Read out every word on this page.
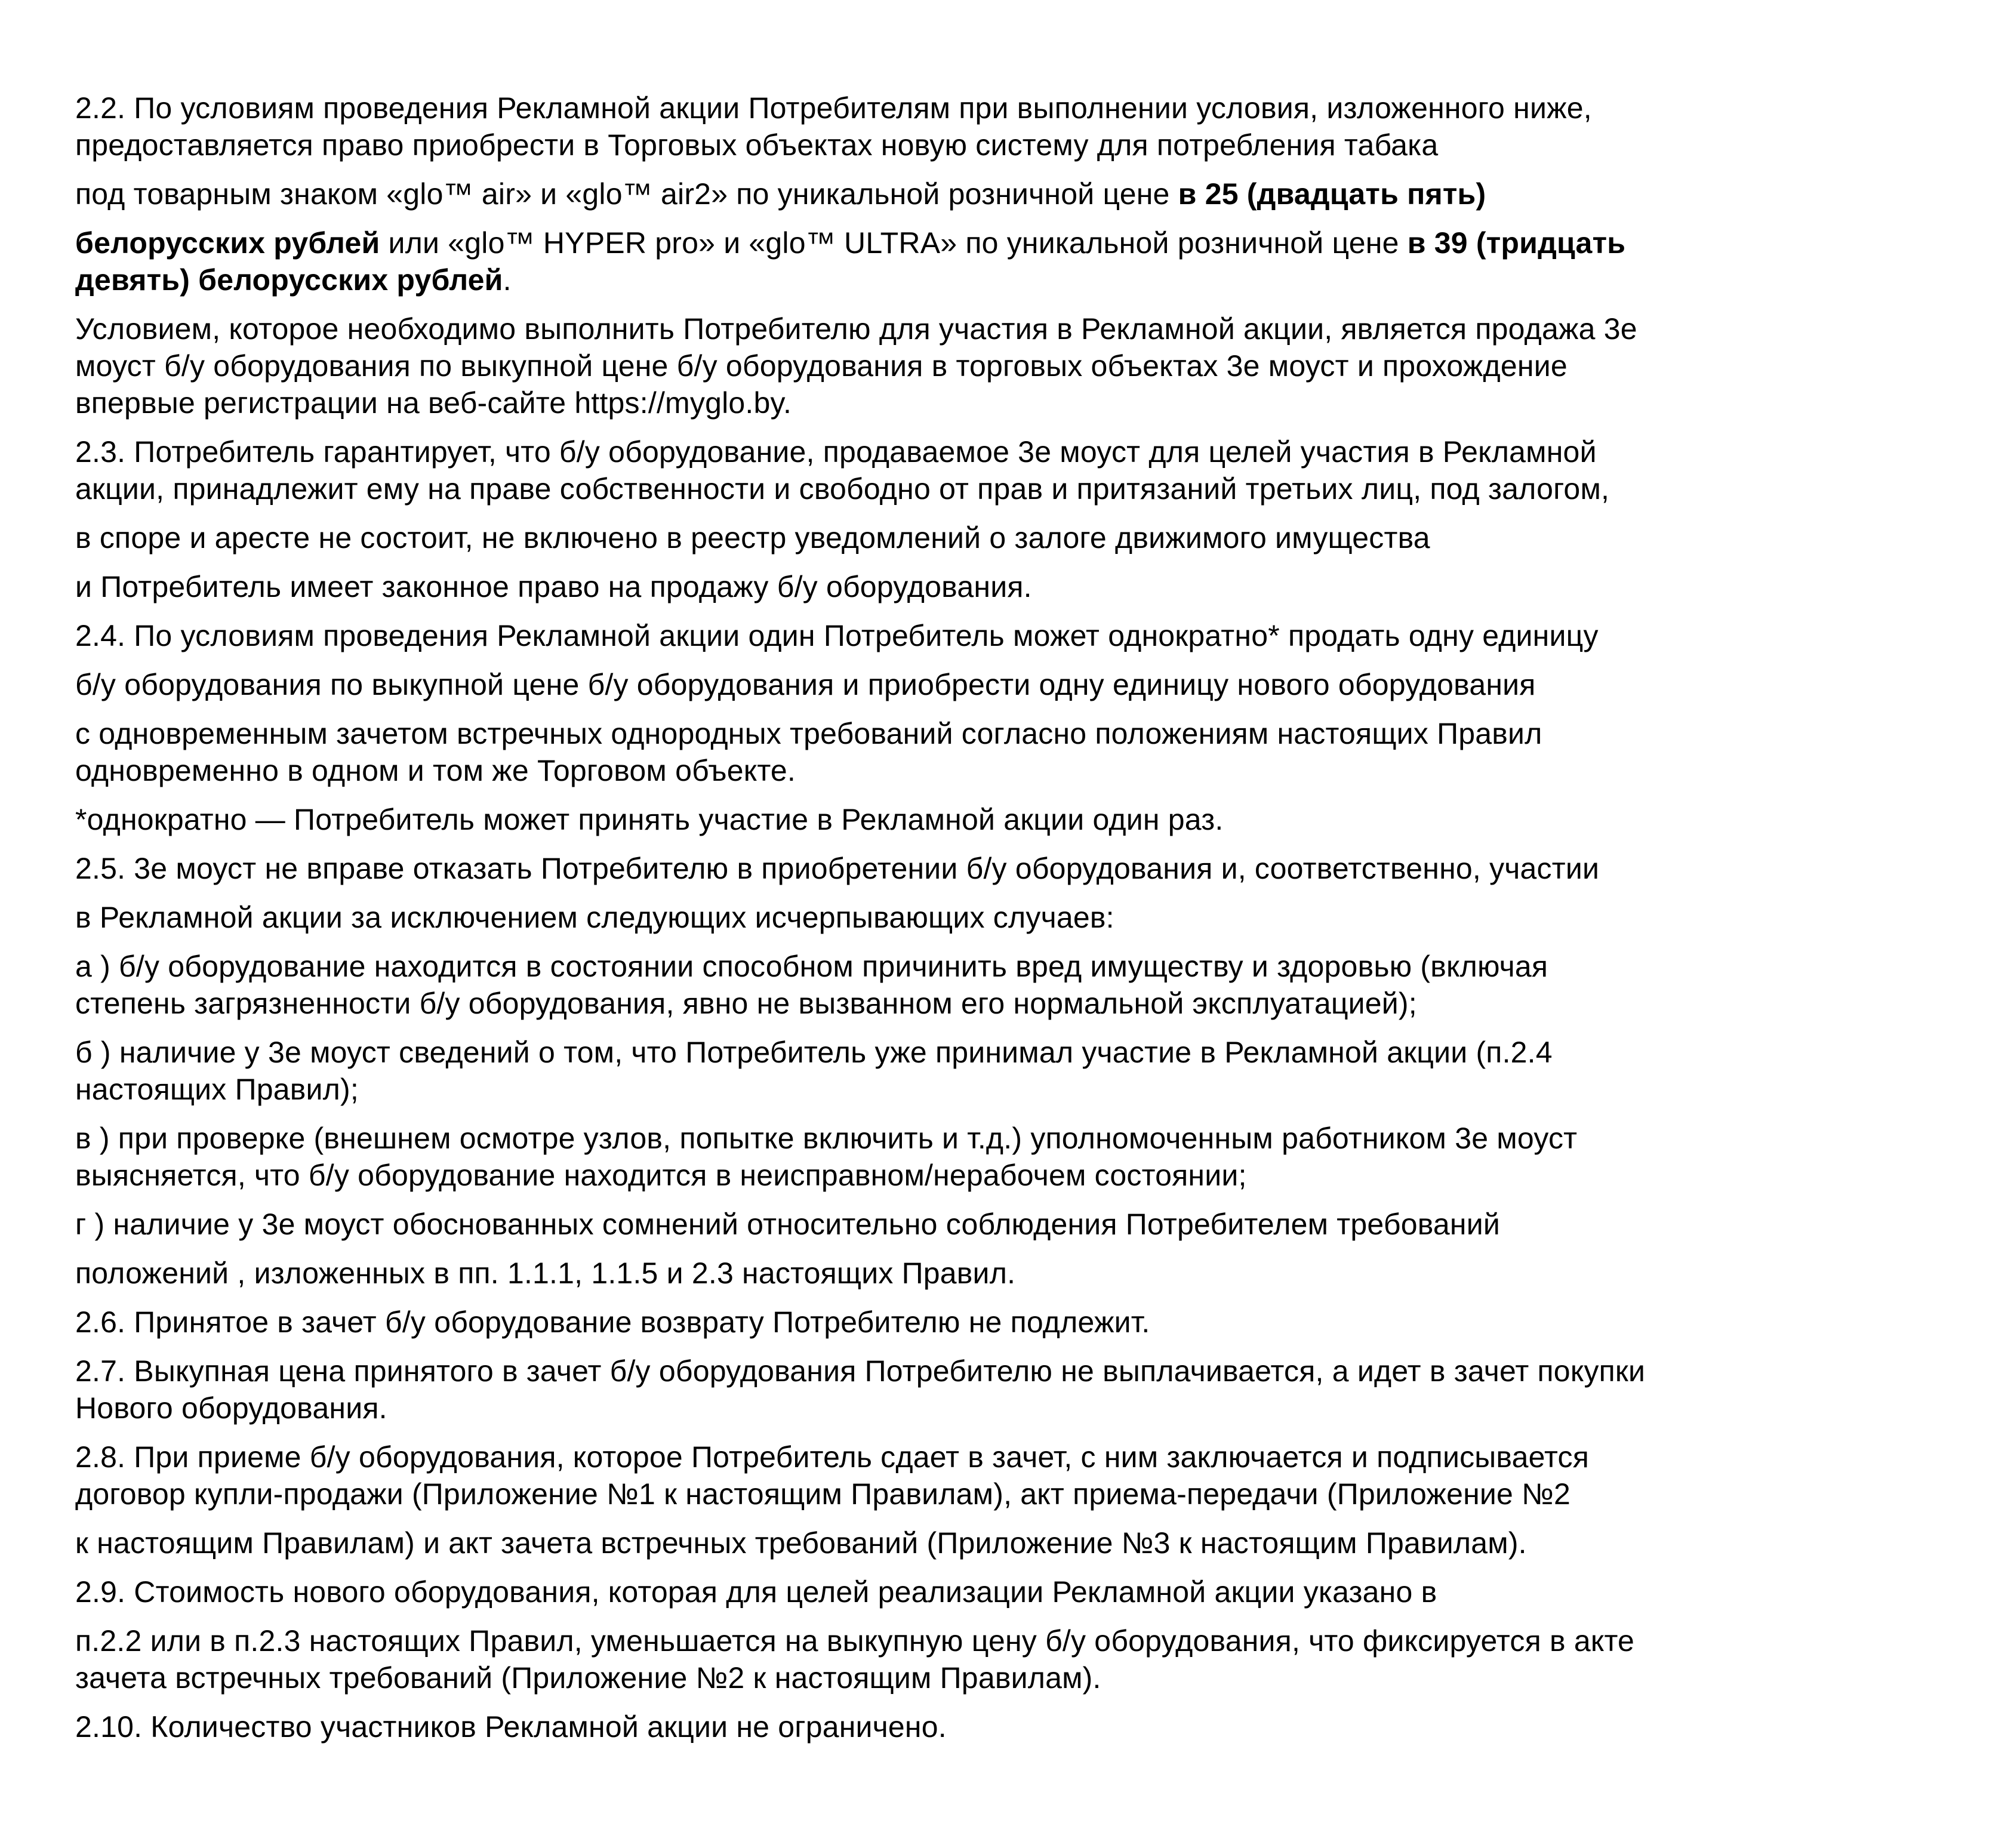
2.2. По условиям проведения Рекламной акции Потребителям при выполнении условия, изложенного ниже,
предоставляется право приобрести в Торговых объектах новую систему для потребления табака
под товарным знаком «glo™ air» и «glo™ air2» по уникальной розничной цене в 25 (двадцать пять)
белорусских рублей или «glo™ HYPER pro» и «glo™ ULTRA» по уникальной розничной цене в 39 (тридцать
девять) белорусских рублей.
Условием, которое необходимо выполнить Потребителю для участия в Рекламной акции, является продажа 3е
моуст б/у оборудования по выкупной цене б/у оборудования в торговых объектах 3е моуст и прохождение
впервые регистрации на веб-сайте https://myglo.by.
2.3. Потребитель гарантирует, что б/у оборудование, продаваемое 3е моуст для целей участия в Рекламной
акции, принадлежит ему на праве собственности и свободно от прав и притязаний третьих лиц, под залогом,
в споре и аресте не состоит, не включено в реестр уведомлений о залоге движимого имущества
и Потребитель имеет законное право на продажу б/у оборудования.
2.4. По условиям проведения Рекламной акции один Потребитель может однократно* продать одну единицу
б/у оборудования по выкупной цене б/у оборудования и приобрести одну единицу нового оборудования
с одновременным зачетом встречных однородных требований согласно положениям настоящих Правил
одновременно в одном и том же Торговом объекте.
*однократно — Потребитель может принять участие в Рекламной акции один раз.
2.5. 3е моуст не вправе отказать Потребителю в приобретении б/у оборудования и, соответственно, участии
в Рекламной акции за исключением следующих исчерпывающих случаев:
а ) б/у оборудование находится в состоянии способном причинить вред имуществу и здоровью (включая
степень загрязненности б/у оборудования, явно не вызванном его нормальной эксплуатацией);
б ) наличие у 3е моуст сведений о том, что Потребитель уже принимал участие в Рекламной акции (п.2.4
настоящих Правил);
в ) при проверке (внешнем осмотре узлов, попытке включить и т.д.) уполномоченным работником 3е моуст
выясняется, что б/у оборудование находится в неисправном/нерабочем состоянии;
г ) наличие у 3е моуст обоснованных сомнений относительно соблюдения Потребителем требований
положений , изложенных в пп. 1.1.1, 1.1.5 и 2.3 настоящих Правил.
2.6. Принятое в зачет б/у оборудование возврату Потребителю не подлежит.
2.7. Выкупная цена принятого в зачет б/у оборудования Потребителю не выплачивается, а идет в зачет покупки
Нового оборудования.
2.8. При приеме б/у оборудования, которое Потребитель сдает в зачет, с ним заключается и подписывается
договор купли-продажи (Приложение №1 к настоящим Правилам), акт приема-передачи (Приложение №2
к настоящим Правилам) и акт зачета встречных требований (Приложение №3 к настоящим Правилам).
2.9. Стоимость нового оборудования, которая для целей реализации Рекламной акции указано в
п.2.2 или в п.2.3 настоящих Правил, уменьшается на выкупную цену б/у оборудования, что фиксируется в акте
зачета встречных требований (Приложение №2 к настоящим Правилам).
2.10. Количество участников Рекламной акции не ограничено.
